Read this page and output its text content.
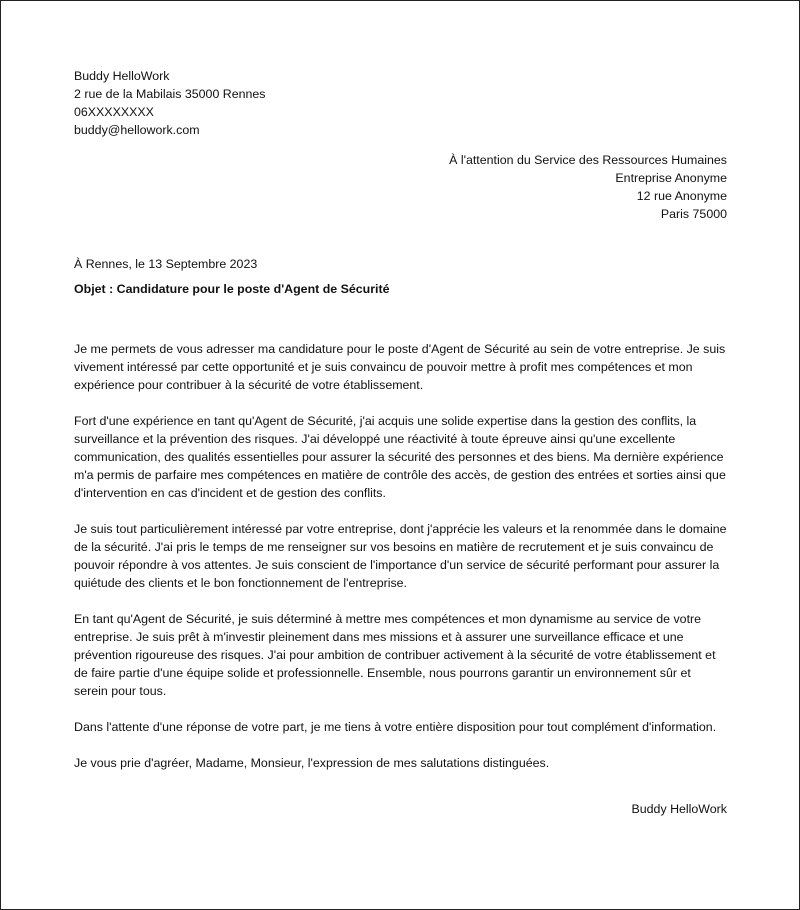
Buddy HelloWork
2 rue de la Mabilais 35000 Rennes
06XXXXXXXX
buddy@hellowork.com
À l'attention du Service des Ressources Humaines
Entreprise Anonyme
12 rue Anonyme
Paris 75000
À Rennes, le 13 Septembre 2023
Objet : Candidature pour le poste d'Agent de Sécurité

Je me permets de vous adresser ma candidature pour le poste d'Agent de Sécurité au sein de votre entreprise. Je suis vivement intéressé par cette opportunité et je suis convaincu de pouvoir mettre à profit mes compétences et mon expérience pour contribuer à la sécurité de votre établissement.

Fort d'une expérience en tant qu'Agent de Sécurité, j'ai acquis une solide expertise dans la gestion des conflits, la surveillance et la prévention des risques. J'ai développé une réactivité à toute épreuve ainsi qu'une excellente communication, des qualités essentielles pour assurer la sécurité des personnes et des biens. Ma dernière expérience m'a permis de parfaire mes compétences en matière de contrôle des accès, de gestion des entrées et sorties ainsi que d'intervention en cas d'incident et de gestion des conflits.

Je suis tout particulièrement intéressé par votre entreprise, dont j'apprécie les valeurs et la renommée dans le domaine de la sécurité. J'ai pris le temps de me renseigner sur vos besoins en matière de recrutement et je suis convaincu de pouvoir répondre à vos attentes. Je suis conscient de l'importance d'un service de sécurité performant pour assurer la quiétude des clients et le bon fonctionnement de l'entreprise.

En tant qu'Agent de Sécurité, je suis déterminé à mettre mes compétences et mon dynamisme au service de votre entreprise. Je suis prêt à m'investir pleinement dans mes missions et à assurer une surveillance efficace et une prévention rigoureuse des risques. J'ai pour ambition de contribuer activement à la sécurité de votre établissement et de faire partie d'une équipe solide et professionnelle. Ensemble, nous pourrons garantir un environnement sûr et serein pour tous.

Dans l'attente d'une réponse de votre part, je me tiens à votre entière disposition pour tout complément d'information.

Je vous prie d'agréer, Madame, Monsieur, l'expression de mes salutations distinguées.

Buddy HelloWork
